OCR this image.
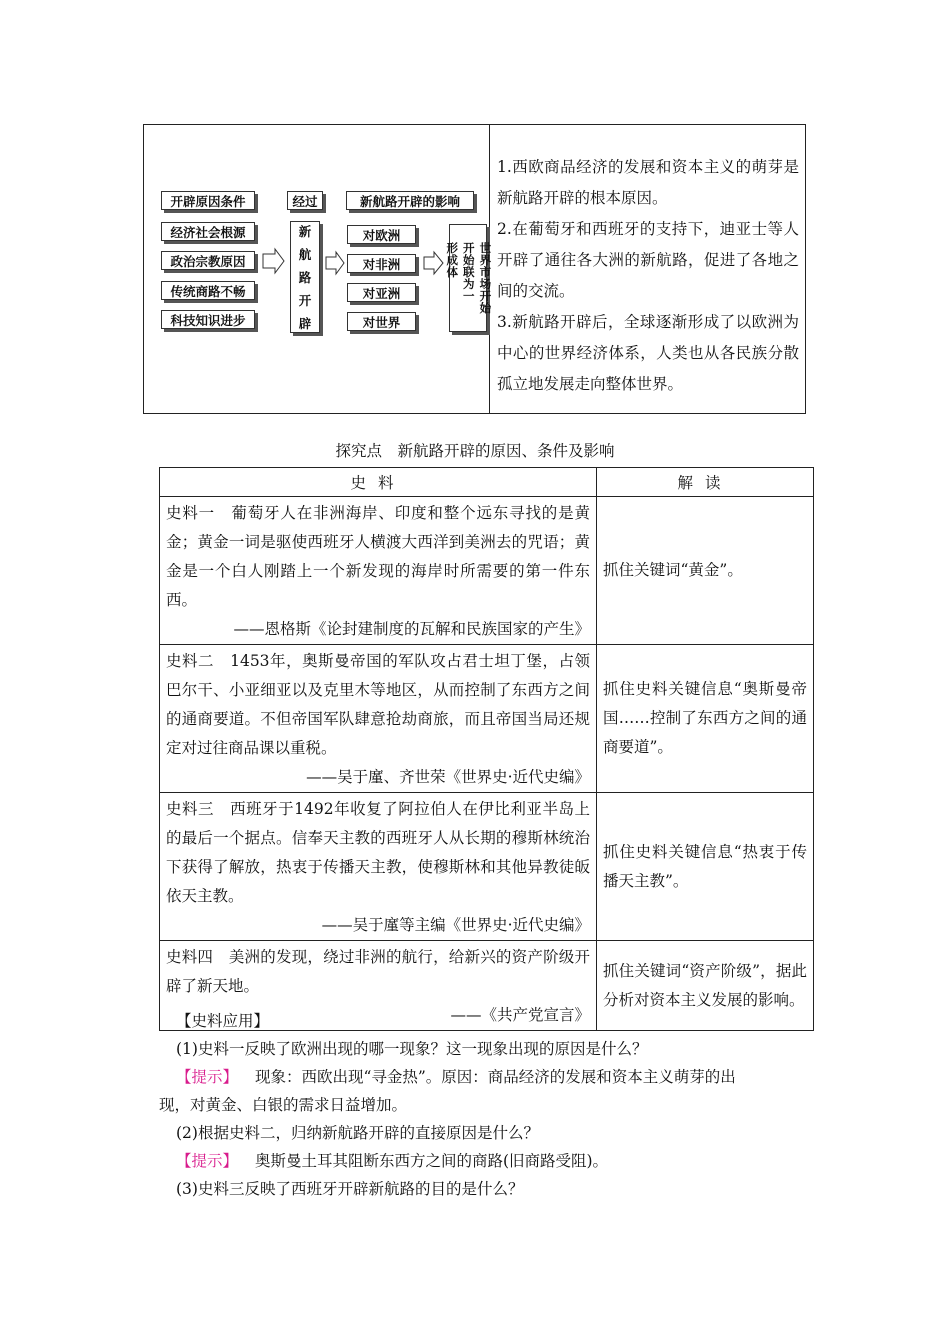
开辟原因条件
经济社会根源
政治宗教原因
传统商路不畅
科技知识进步
经过
新
航
路
开
辟
新航路开辟的影响
对欧洲
对非洲
对亚洲
对世界
世界市场开始
开始联为一
形成
体

1.西欧商品经济的发展和资本主义的萌芽是新航路开辟的根本原因。

2.在葡萄牙和西班牙的支持下，迪亚士等人开辟了通往各大洲的新航路，促进了各地之间的交流。

3.新航路开辟后，全球逐渐形成了以欧洲为中心的世界经济体系，人类也从各民族分散孤立地发展走向整体世界。

探究点　新航路开辟的原因、条件及影响
史料	解读

史料一　葡萄牙人在非洲海岸、印度和整个远东寻找的是黄金；黄金一词是驱使西班牙人横渡大西洋到美洲去的咒语；黄金是一个白人刚踏上一个新发现的海岸时所需要的第一件东西。

——恩格斯《论封建制度的瓦解和民族国家的产生》	抓住关键词“黄金”。

史料二　1453年，奥斯曼帝国的军队攻占君士坦丁堡，占领巴尔干、小亚细亚以及克里木等地区，从而控制了东西方之间的通商要道。不但帝国军队肆意抢劫商旅，而且帝国当局还规定对过往商品课以重税。

——吴于廑、齐世荣《世界史·近代史编》	抓住史料关键信息“奥斯曼帝国……控制了东西方之间的通商要道”。

史料三　西班牙于1492年收复了阿拉伯人在伊比利亚半岛上的最后一个据点。信奉天主教的西班牙人从长期的穆斯林统治下获得了解放，热衷于传播天主教，使穆斯林和其他异教徒皈依天主教。

——吴于廑等主编《世界史·近代史编》	抓住史料关键信息“热衷于传播天主教”。

史料四　美洲的发现，绕过非洲的航行，给新兴的资产阶级开辟了新天地。

——《共产党宣言》	抓住关键词“资产阶级”，据此分析对资本主义发展的影响。
【史料应用】
(1)史料一反映了欧洲出现的哪一现象？这一现象出现的原因是什么？
【提示】 现象：西欧出现“寻金热”。原因：商品经济的发展和资本主义萌芽的出
现，对黄金、白银的需求日益增加。
(2)根据史料二，归纳新航路开辟的直接原因是什么？
【提示】 奥斯曼土耳其阻断东西方之间的商路(旧商路受阻)。
(3)史料三反映了西班牙开辟新航路的目的是什么？
